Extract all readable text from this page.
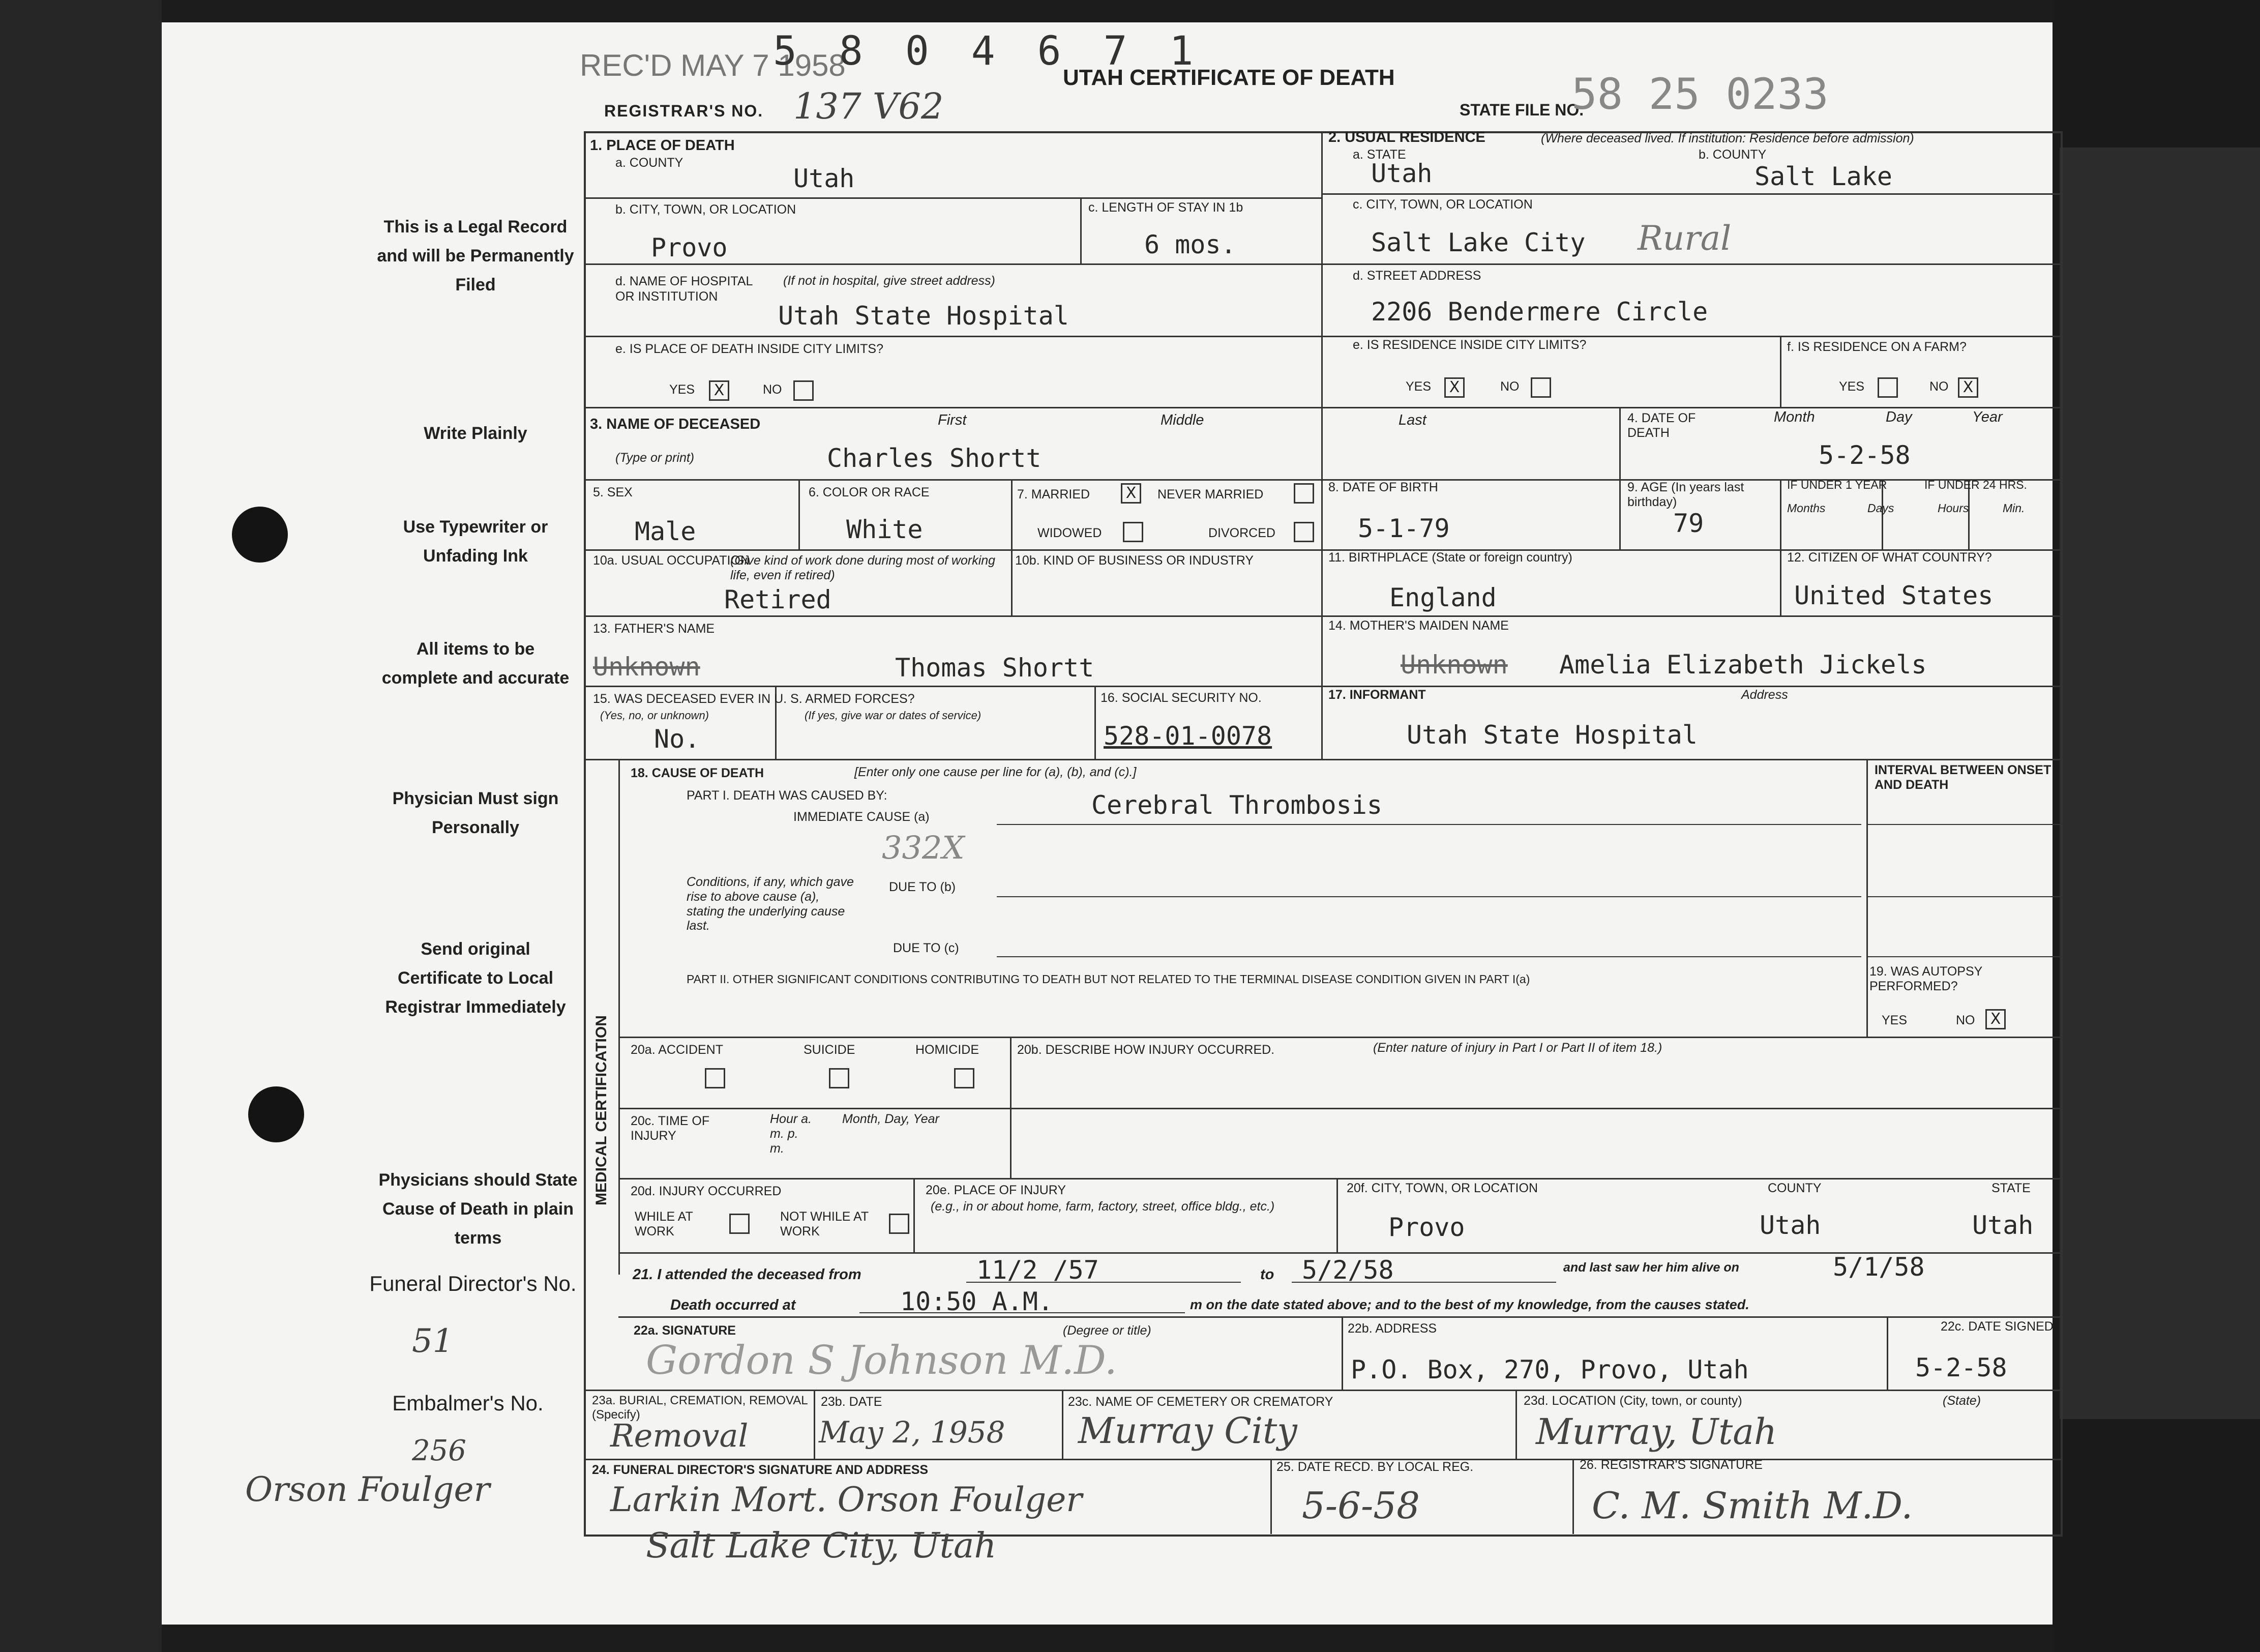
REC'D MAY 7 1958
5 8 0 4 6 7 1
REGISTRAR'S NO. 137 V62
UTAH CERTIFICATE OF DEATH
STATE FILE NO.
58 25 0233
This is a Legal Record and will be Permanently Filed
Write Plainly
Use Typewriter or Unfading Ink
All items to be complete and accurate
Physician Must sign Personally
Send original Certificate to Local Registrar Immediately
Physicians should State Cause of Death in plain terms
Funeral Director's No.
51
Embalmer's No.
256
Orson Foulger
1. PLACE OF DEATH
a. COUNTY
Utah
b. CITY, TOWN, OR LOCATION
Provo
c. LENGTH OF STAY IN 1b
6 mos.
d. NAME OF HOSPITAL OR INSTITUTION
(If not in hospital, give street address)
Utah State Hospital
e. IS PLACE OF DEATH INSIDE CITY LIMITS?
YES	X	NO
2. USUAL RESIDENCE	(Where deceased lived. If institution: Residence before admission)
a. STATE
Utah
b. COUNTY
Salt Lake
c. CITY, TOWN, OR LOCATION
Salt Lake City Rural
d. STREET ADDRESS
2206 Bendermere Circle
e. IS RESIDENCE INSIDE CITY LIMITS?
YES	X	NO
f. IS RESIDENCE ON A FARM?
YES	NO X
3. NAME OF DECEASED
(Type or print)
First	Middle	Last
Charles Shortt
4. DATE OF DEATH
Month	Day	Year
5-2-58
5. SEX
Male
6. COLOR OR RACE
White
7. MARRIED	X	NEVER MARRIED
WIDOWED	DIVORCED
8. DATE OF BIRTH
5-1-79
9. AGE (In years last birthday)
79
IF UNDER 1 YEAR
Months	Days
IF UNDER 24 HRS.
Hours	Min.
10a. USUAL OCCUPATION
(Give kind of work done during most of working life, even if retired)
Retired
10b. KIND OF BUSINESS OR INDUSTRY	11. BIRTHPLACE (State or foreign country)
England
12. CITIZEN OF WHAT COUNTRY?
United States
13. FATHER'S NAME
Unknown	Thomas Shortt
14. MOTHER'S MAIDEN NAME
Unknown Amelia Elizabeth Jickels
15. WAS DECEASED EVER IN U. S. ARMED FORCES?
(Yes, no, or unknown)	(If yes, give war or dates of service)
No.
16. SOCIAL SECURITY NO.
528-01-0078
17. INFORMANT	Address
Utah State Hospital
MEDICAL CERTIFICATION
18. CAUSE OF DEATH	[Enter only one cause per line for (a), (b), and (c).]
PART I. DEATH WAS CAUSED BY:
IMMEDIATE CAUSE (a)	Cerebral Thrombosis
332X
Conditions, if any, which gave rise to above cause (a), stating the underlying cause last.
DUE TO (b)
DUE TO (c)
INTERVAL BETWEEN ONSET AND DEATH
PART II. OTHER SIGNIFICANT CONDITIONS CONTRIBUTING TO DEATH BUT NOT RELATED TO THE TERMINAL DISEASE CONDITION GIVEN IN PART I(a)
19. WAS AUTOPSY PERFORMED?
YES	NO	X
20a. ACCIDENT	SUICIDE	HOMICIDE	20b. DESCRIBE HOW INJURY OCCURRED.	(Enter nature of injury in Part I or Part II of item 18.)
20c. TIME OF INJURY
Hour a. m. p. m.
Month, Day, Year
20d. INJURY OCCURRED
WHILE AT WORK
NOT WHILE AT WORK
20e. PLACE OF INJURY
(e.g., in or about home, farm, factory, street, office bldg., etc.)
20f. CITY, TOWN, OR LOCATION	COUNTY	STATE
Provo	Utah	Utah
21. I attended the deceased from	11/2 /57	to 5/2/58	and last saw her him alive on	5/1/58
Death occurred at	10:50 A.M.	m on the date stated above; and to the best of my knowledge, from the causes stated.
22a. SIGNATURE	(Degree or title)
Gordon S Johnson M.D.
22b. ADDRESS
P.O. Box, 270, Provo, Utah
22c. DATE SIGNED
5-2-58
23a. BURIAL, CREMATION, REMOVAL (Specify)
Removal
23b. DATE
May 2, 1958
23c. NAME OF CEMETERY OR CREMATORY
Murray City
23d. LOCATION (City, town, or county)	(State)
Murray, Utah
24. FUNERAL DIRECTOR'S SIGNATURE AND ADDRESS
Larkin Mort. Orson Foulger
Salt Lake City, Utah
25. DATE RECD. BY LOCAL REG.
5-6-58
26. REGISTRAR'S SIGNATURE
C. M. Smith M.D.
